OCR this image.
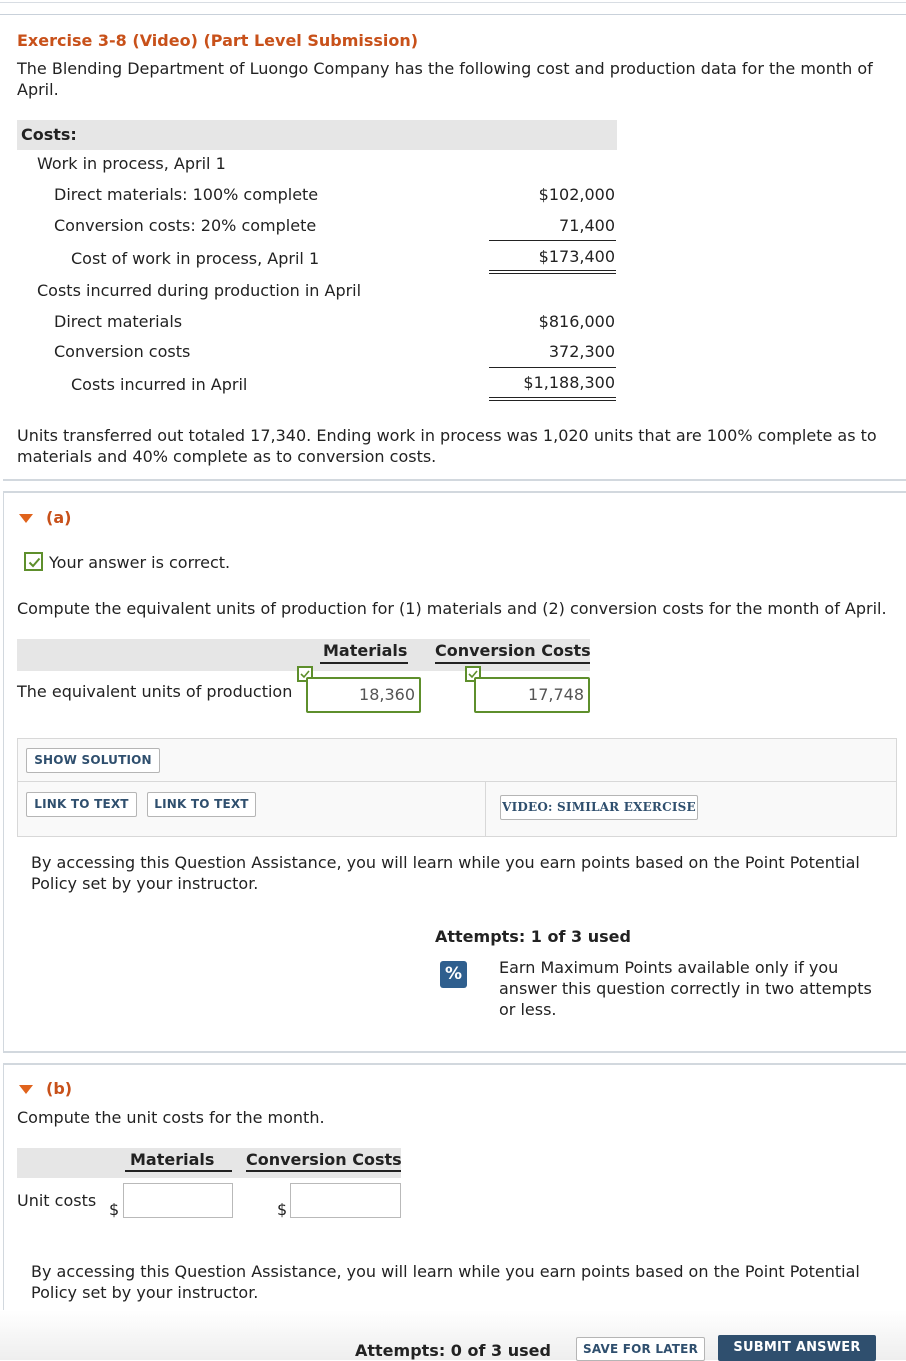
Exercise 3-8 (Video) (Part Level Submission)
The Blending Department of Luongo Company has the following cost and production data for the month of April.
Costs:
Work in process, April 1
Direct materials: 100% complete	$102,000
Conversion costs: 20% complete	71,400
Cost of work in process, April 1	$173,400
Costs incurred during production in April
Direct materials	$816,000
Conversion costs	372,300
Costs incurred in April	$1,188,300
Units transferred out totaled 17,340. Ending work in process was 1,020 units that are 100% complete as to materials and 40% complete as to conversion costs.
(a)
Your answer is correct.
Compute the equivalent units of production for (1) materials and (2) conversion costs for the month of April.
Materials Conversion Costs
The equivalent units of production	18,360	17,748
SHOW SOLUTION
LINK TO TEXT	LINK TO TEXT	VIDEO: SIMILAR EXERCISE
By accessing this Question Assistance, you will learn while you earn points based on the Point Potential Policy set by your instructor.
Attempts: 1 of 3 used
%	Earn Maximum Points available only if you answer this question correctly in two attempts or less.
(b)
Compute the unit costs for the month.
Materials Conversion Costs
Unit costs $	$
By accessing this Question Assistance, you will learn while you earn points based on the Point Potential Policy set by your instructor.
Attempts: 0 of 3 used	SAVE FOR LATER	SUBMIT ANSWER
